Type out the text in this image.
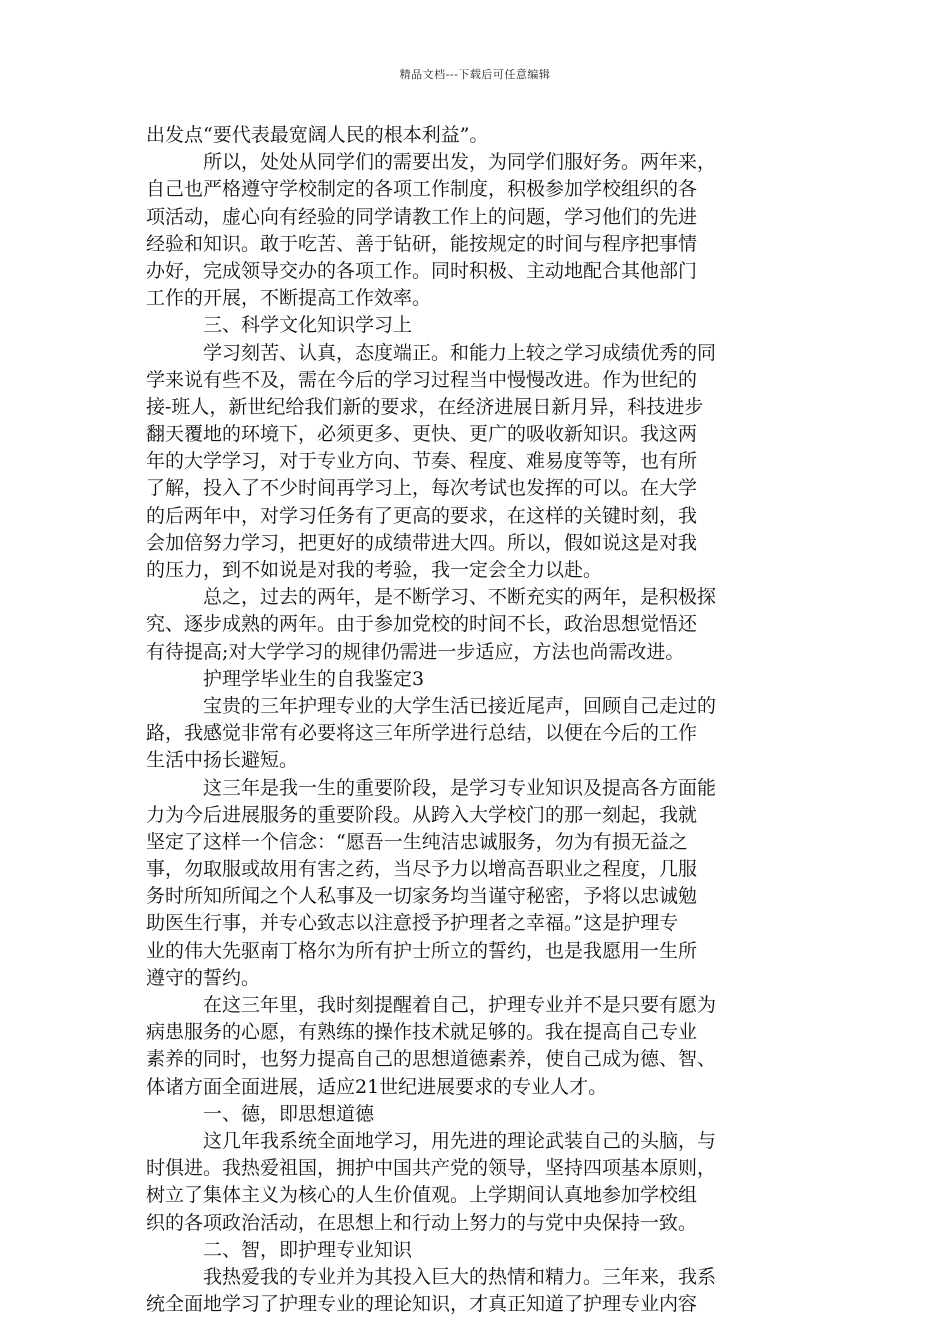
精品文档---下载后可任意编辑
出发点“要代表最宽阔人民的根本利益”。
所以，处处从同学们的需要出发，为同学们服好务。两年来，
自己也严格遵守学校制定的各项工作制度，积极参加学校组织的各
项活动，虚心向有经验的同学请教工作上的问题，学习他们的先进
经验和知识。敢于吃苦、善于钻研，能按规定的时间与程序把事情
办好，完成领导交办的各项工作。同时积极、主动地配合其他部门
工作的开展，不断提高工作效率。
三、科学文化知识学习上
学习刻苦、认真，态度端正。和能力上较之学习成绩优秀的同
学来说有些不及，需在今后的学习过程当中慢慢改进。作为世纪的
接-班人，新世纪给我们新的要求，在经济进展日新月异，科技进步
翻天覆地的环境下，必须更多、更快、更广的吸收新知识。我这两
年的大学学习，对于专业方向、节奏、程度、难易度等等，也有所
了解，投入了不少时间再学习上，每次考试也发挥的可以。在大学
的后两年中，对学习任务有了更高的要求，在这样的关键时刻，我
会加倍努力学习，把更好的成绩带进大四。所以，假如说这是对我
的压力，到不如说是对我的考验，我一定会全力以赴。
总之，过去的两年，是不断学习、不断充实的两年，是积极探
究、逐步成熟的两年。由于参加党校的时间不长，政治思想觉悟还
有待提高;对大学学习的规律仍需进一步适应，方法也尚需改进。
护理学毕业生的自我鉴定3
宝贵的三年护理专业的大学生活已接近尾声，回顾自己走过的
路，我感觉非常有必要将这三年所学进行总结，以便在今后的工作
生活中扬长避短。
这三年是我一生的重要阶段，是学习专业知识及提高各方面能
力为今后进展服务的重要阶段。从跨入大学校门的那一刻起，我就
坚定了这样一个信念：“愿吾一生纯洁忠诚服务，勿为有损无益之
事，勿取服或故用有害之药，当尽予力以增高吾职业之程度，几服
务时所知所闻之个人私事及一切家务均当谨守秘密，予将以忠诚勉
助医生行事，并专心致志以注意授予护理者之幸福。”这是护理专
业的伟大先驱南丁格尔为所有护士所立的誓约，也是我愿用一生所
遵守的誓约。
在这三年里，我时刻提醒着自己，护理专业并不是只要有愿为
病患服务的心愿，有熟练的操作技术就足够的。我在提高自己专业
素养的同时，也努力提高自己的思想道德素养，使自己成为德、智、
体诸方面全面进展，适应21世纪进展要求的专业人才。
一、德，即思想道德
这几年我系统全面地学习，用先进的理论武装自己的头脑，与
时俱进。我热爱祖国，拥护中国共产党的领导，坚持四项基本原则，
树立了集体主义为核心的人生价值观。上学期间认真地参加学校组
织的各项政治活动，在思想上和行动上努力的与党中央保持一致。
二、智，即护理专业知识
我热爱我的专业并为其投入巨大的热情和精力。三年来，我系
统全面地学习了护理专业的理论知识，才真正知道了护理专业内容
